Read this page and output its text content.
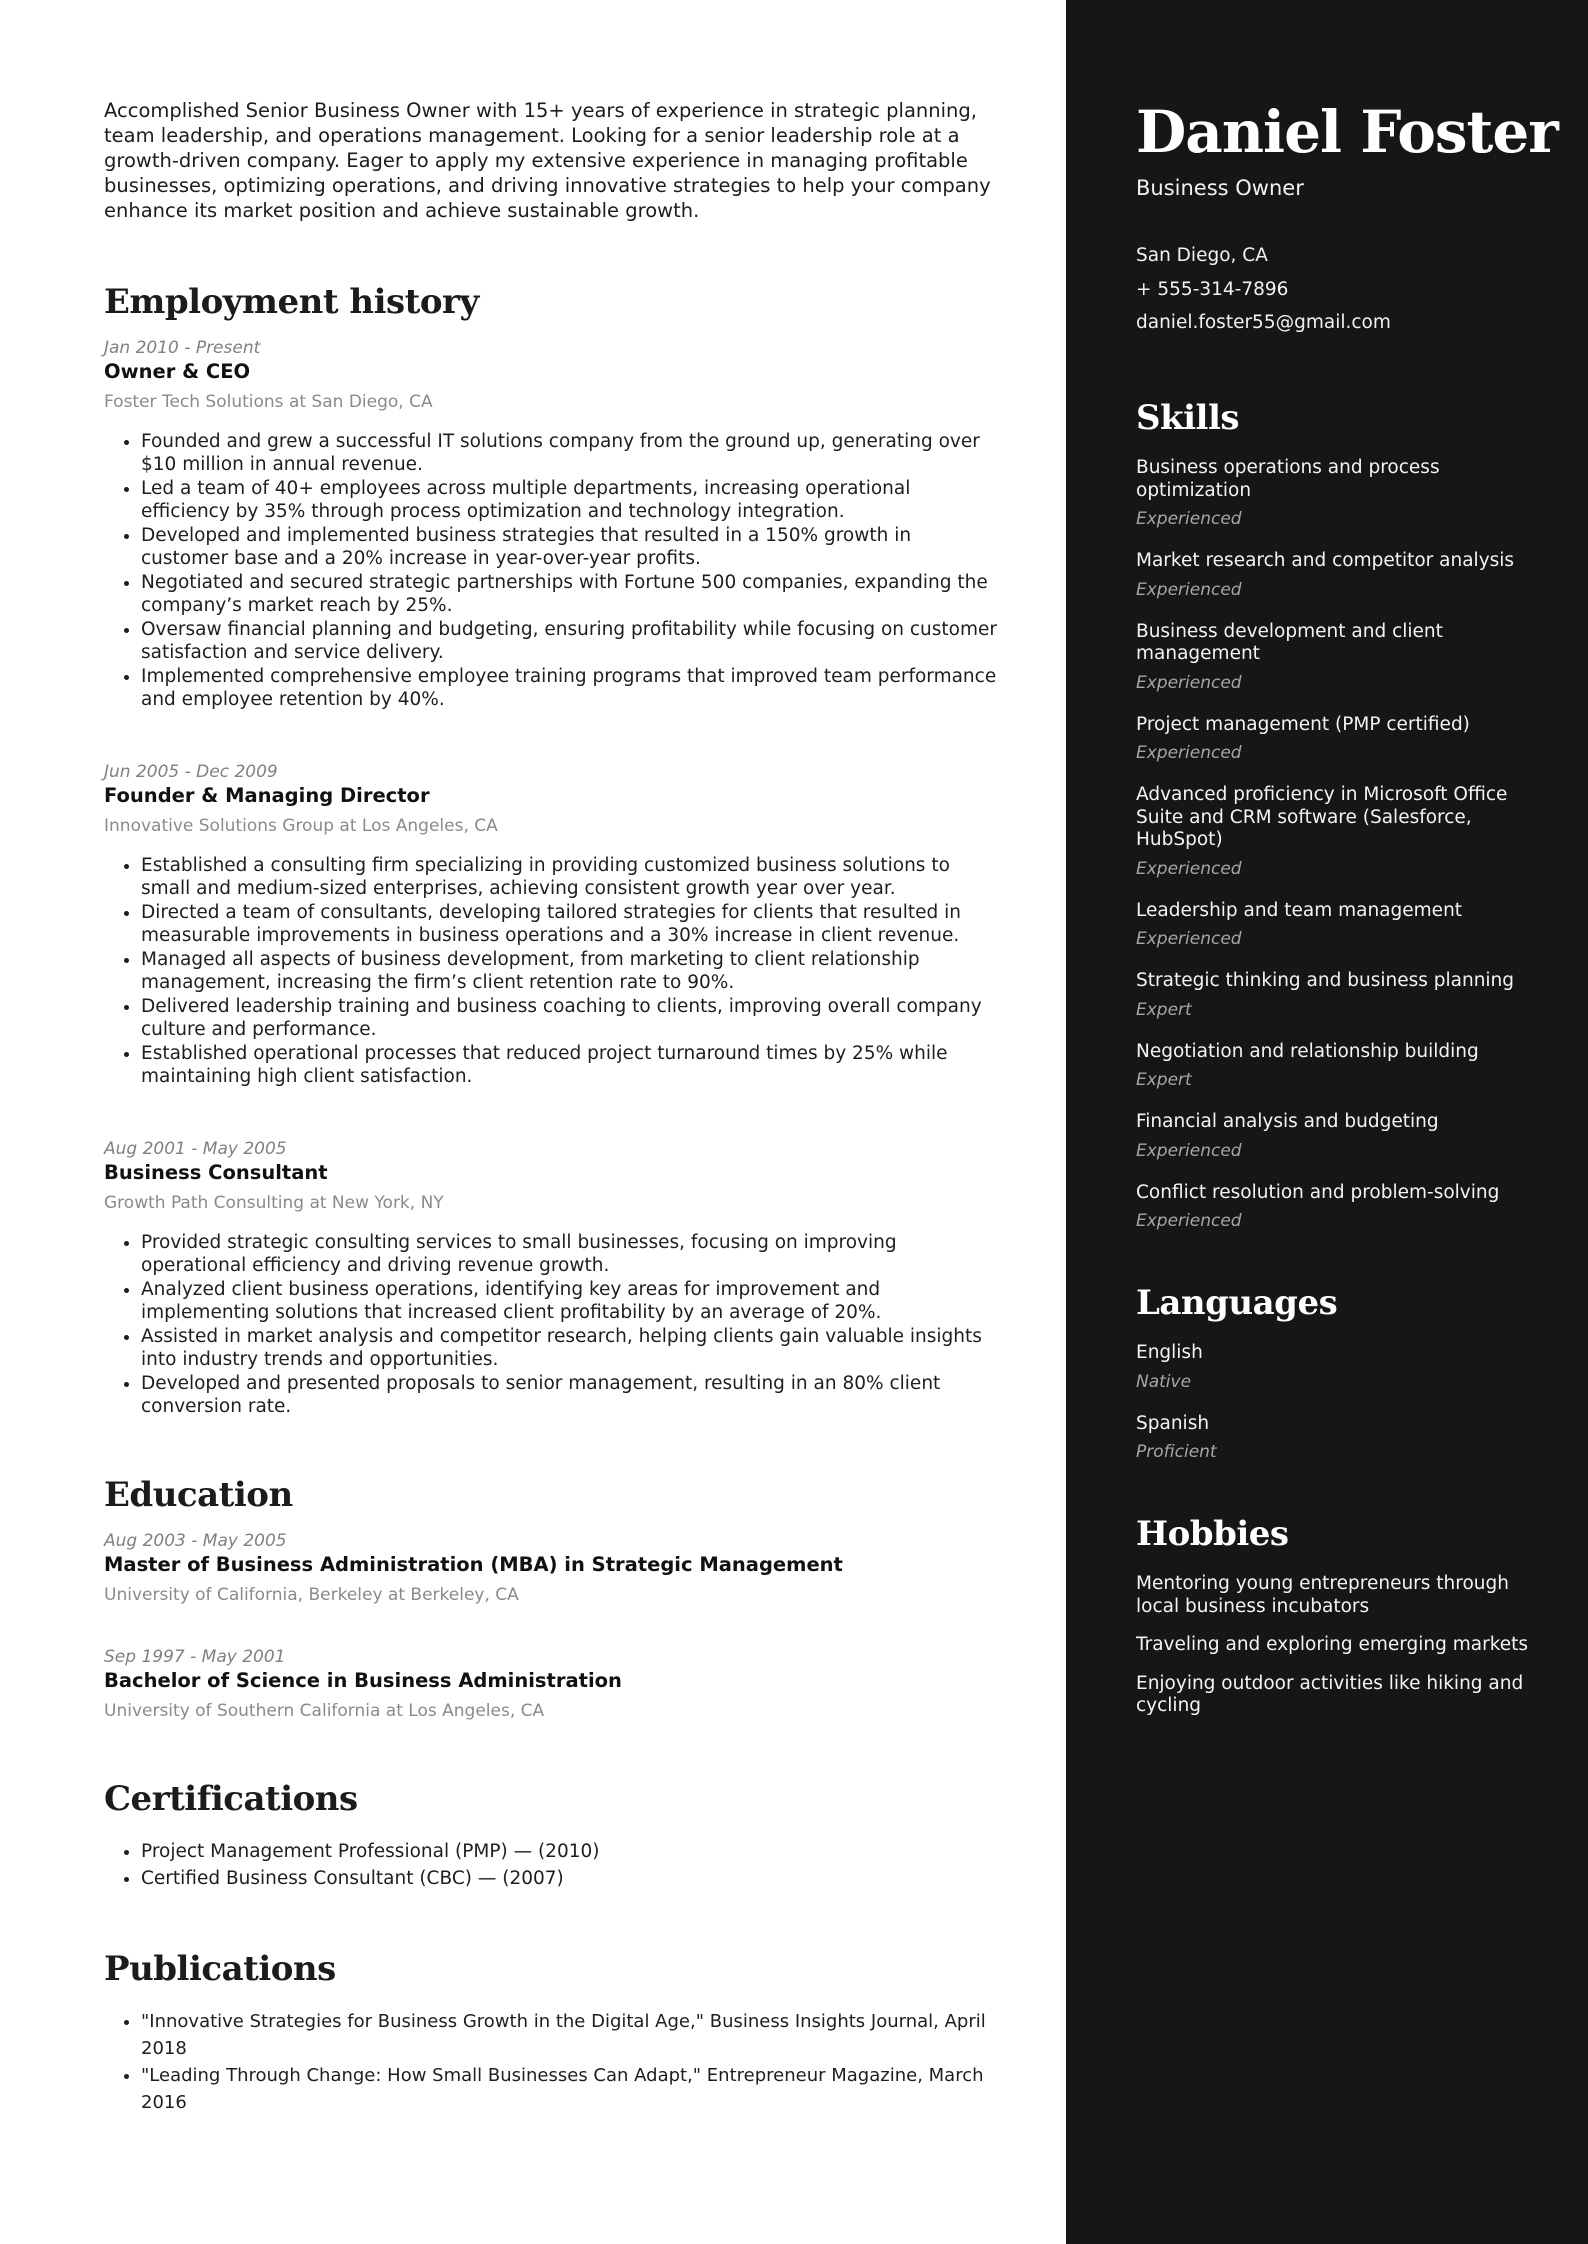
Accomplished Senior Business Owner with 15+ years of experience in strategic planning, team leadership, and operations management. Looking for a senior leadership role at a growth-driven company. Eager to apply my extensive experience in managing profitable businesses, optimizing operations, and driving innovative strategies to help your company enhance its market position and achieve sustainable growth.

Employment history
Jan 2010 - Present
Owner & CEO
Foster Tech Solutions at San Diego, CA
• Founded and grew a successful IT solutions company from the ground up, generating over $10 million in annual revenue.
• Led a team of 40+ employees across multiple departments, increasing operational efficiency by 35% through process optimization and technology integration.
• Developed and implemented business strategies that resulted in a 150% growth in customer base and a 20% increase in year-over-year profits.
• Negotiated and secured strategic partnerships with Fortune 500 companies, expanding the company’s market reach by 25%.
• Oversaw financial planning and budgeting, ensuring profitability while focusing on customer satisfaction and service delivery.
• Implemented comprehensive employee training programs that improved team performance and employee retention by 40%.
Jun 2005 - Dec 2009
Founder & Managing Director
Innovative Solutions Group at Los Angeles, CA
• Established a consulting firm specializing in providing customized business solutions to small and medium-sized enterprises, achieving consistent growth year over year.
• Directed a team of consultants, developing tailored strategies for clients that resulted in measurable improvements in business operations and a 30% increase in client revenue.
• Managed all aspects of business development, from marketing to client relationship management, increasing the firm’s client retention rate to 90%.
• Delivered leadership training and business coaching to clients, improving overall company culture and performance.
• Established operational processes that reduced project turnaround times by 25% while maintaining high client satisfaction.
Aug 2001 - May 2005
Business Consultant
Growth Path Consulting at New York, NY
• Provided strategic consulting services to small businesses, focusing on improving operational efficiency and driving revenue growth.
• Analyzed client business operations, identifying key areas for improvement and implementing solutions that increased client profitability by an average of 20%.
• Assisted in market analysis and competitor research, helping clients gain valuable insights into industry trends and opportunities.
• Developed and presented proposals to senior management, resulting in an 80% client conversion rate.
Education
Aug 2003 - May 2005
Master of Business Administration (MBA) in Strategic Management
University of California, Berkeley at Berkeley, CA
Sep 1997 - May 2001
Bachelor of Science in Business Administration
University of Southern California at Los Angeles, CA
Certifications
• Project Management Professional (PMP) — (2010)
• Certified Business Consultant (CBC) — (2007)
Publications
• "Innovative Strategies for Business Growth in the Digital Age," Business Insights Journal, April 2018
• "Leading Through Change: How Small Businesses Can Adapt," Entrepreneur Magazine, March 2016
Daniel Foster
Business Owner
San Diego, CA
+ 555-314-7896
daniel.foster55@gmail.com
Skills
Business operations and process optimization
Experienced
Market research and competitor analysis
Experienced
Business development and client management
Experienced
Project management (PMP certified)
Experienced
Advanced proficiency in Microsoft Office Suite and CRM software (Salesforce, HubSpot)
Experienced
Leadership and team management
Experienced
Strategic thinking and business planning
Expert
Negotiation and relationship building
Expert
Financial analysis and budgeting
Experienced
Conflict resolution and problem-solving
Experienced
Languages
English
Native
Spanish
Proficient
Hobbies
Mentoring young entrepreneurs through local business incubators
Traveling and exploring emerging markets
Enjoying outdoor activities like hiking and cycling
